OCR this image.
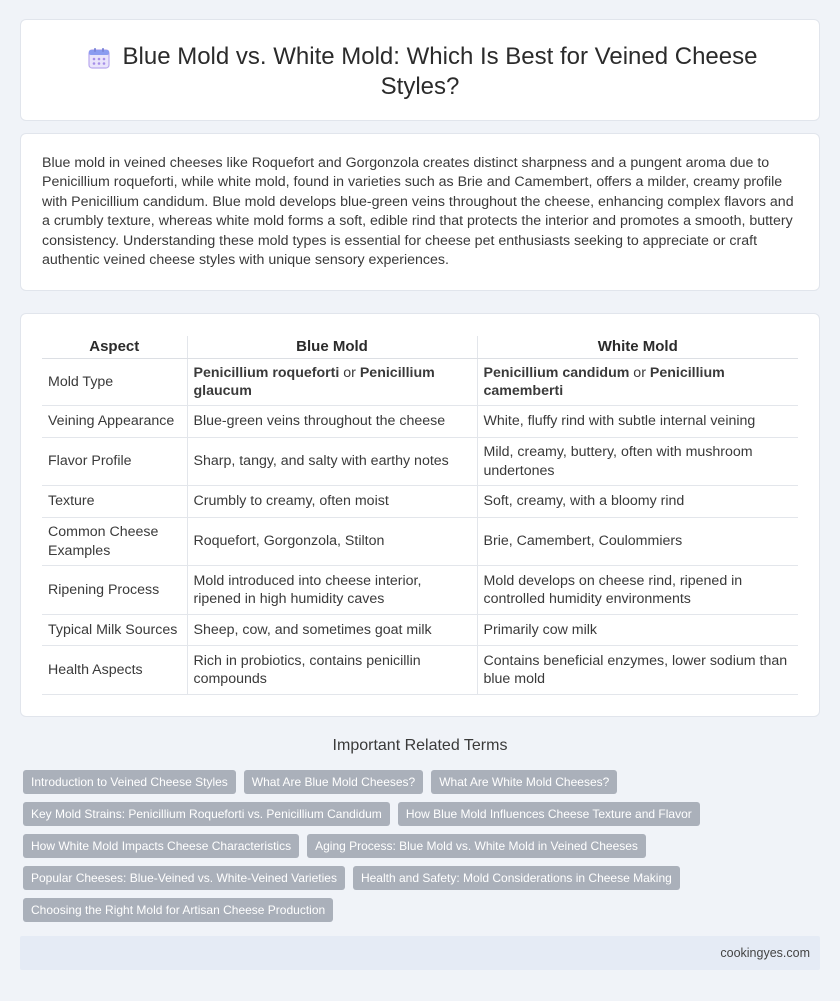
Blue Mold vs. White Mold: Which Is Best for Veined Cheese
Styles?

Blue mold in veined cheeses like Roquefort and Gorgonzola creates distinct sharpness and a pungent aroma due to Penicillium roqueforti, while white mold, found in varieties such as Brie and Camembert, offers a milder, creamy profile with Penicillium candidum. Blue mold develops blue-green veins throughout the cheese, enhancing complex flavors and a crumbly texture, whereas white mold forms a soft, edible rind that protects the interior and promotes a smooth, buttery consistency. Understanding these mold types is essential for cheese pet enthusiasts seeking to appreciate or craft authentic veined cheese styles with unique sensory experiences.

Aspect	Blue Mold	White Mold
Mold Type	Penicillium roqueforti or Penicillium glaucum	Penicillium candidum or Penicillium camemberti
Veining Appearance	Blue-green veins throughout the cheese	White, fluffy rind with subtle internal veining
Flavor Profile	Sharp, tangy, and salty with earthy notes	Mild, creamy, buttery, often with mushroom undertones
Texture	Crumbly to creamy, often moist	Soft, creamy, with a bloomy rind
Common Cheese Examples	Roquefort, Gorgonzola, Stilton	Brie, Camembert, Coulommiers
Ripening Process	Mold introduced into cheese interior, ripened in high humidity caves	Mold develops on cheese rind, ripened in controlled humidity environments
Typical Milk Sources	Sheep, cow, and sometimes goat milk	Primarily cow milk
Health Aspects	Rich in probiotics, contains penicillin compounds	Contains beneficial enzymes, lower sodium than blue mold
Important Related Terms
Introduction to Veined Cheese Styles	What Are Blue Mold Cheeses?	What Are White Mold Cheeses?
Key Mold Strains: Penicillium Roqueforti vs. Penicillium Candidum	How Blue Mold Influences Cheese Texture and Flavor
How White Mold Impacts Cheese Characteristics	Aging Process: Blue Mold vs. White Mold in Veined Cheeses
Popular Cheeses: Blue-Veined vs. White-Veined Varieties	Health and Safety: Mold Considerations in Cheese Making
Choosing the Right Mold for Artisan Cheese Production
cookingyes.com
